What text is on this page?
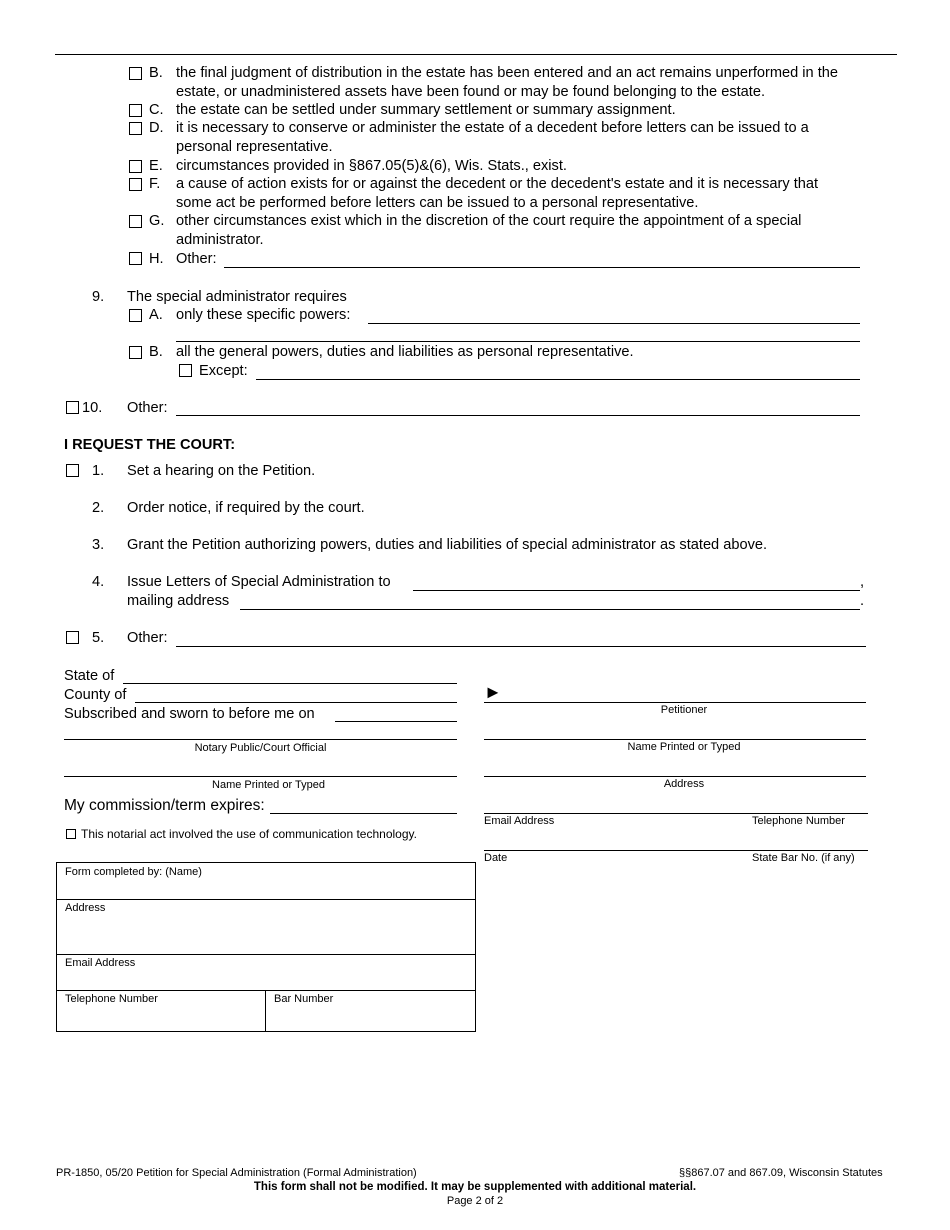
B. the final judgment of distribution in the estate has been entered and an act remains unperformed in the
estate, or unadministered assets have been found or may be found belonging to the estate.
C. the estate can be settled under summary settlement or summary assignment.
D. it is necessary to conserve or administer the estate of a decedent before letters can be issued to a
personal representative.
E. circumstances provided in §867.05(5)&(6), Wis. Stats., exist.
F. a cause of action exists for or against the decedent or the decedent's estate and it is necessary that
some act be performed before letters can be issued to a personal representative.
G. other circumstances exist which in the discretion of the court require the appointment of a special
administrator.
H. Other:
9. The special administrator requires
A. only these specific powers:
B. all the general powers, duties and liabilities as personal representative.
Except:
10. Other:
I REQUEST THE COURT:
1. Set a hearing on the Petition.
2. Order notice, if required by the court.
3. Grant the Petition authorizing powers, duties and liabilities of special administrator as stated above.
4. Issue Letters of Special Administration to	,
mailing address	.
5. Other:
State of
County of
Subscribed and sworn to before me on
Notary Public/Court Official
Name Printed or Typed
My commission/term expires:
This notarial act involved the use of communication technology.
►
Petitioner
Name Printed or Typed
Address
Email Address	Telephone Number
Date	State Bar No. (if any)
Form completed by: (Name)
Address
Email Address
Telephone Number	Bar Number
PR-1850, 05/20 Petition for Special Administration (Formal Administration)	§§867.07 and 867.09, Wisconsin Statutes
This form shall not be modified. It may be supplemented with additional material.
Page 2 of 2
